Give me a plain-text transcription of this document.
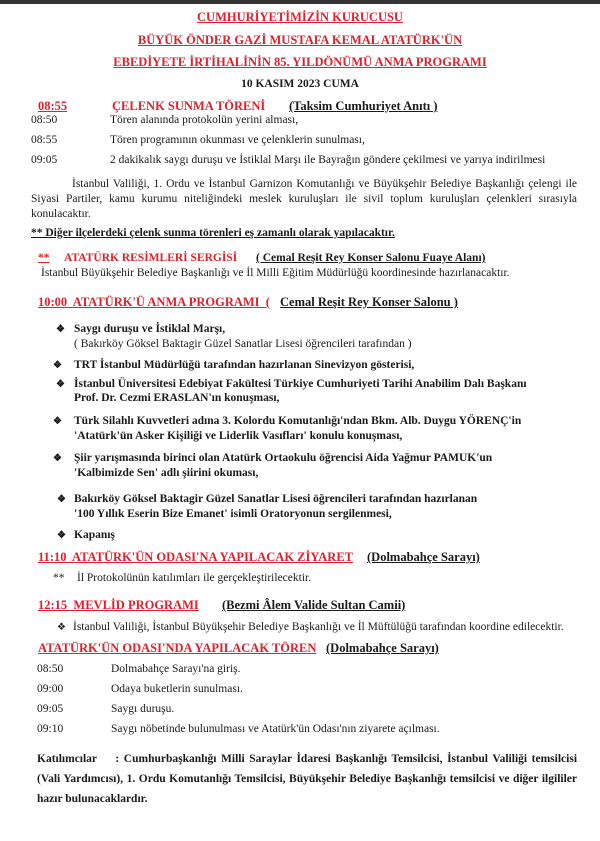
CUMHURİYETİMİZİN KURUCUSU
BÜYÜK ÖNDER GAZİ MUSTAFA KEMAL ATATÜRK'ÜN
EBEDİYETE İRTİHALİNİN 85. YILDÖNÜMÜ ANMA PROGRAMI
10 KASIM 2023 CUMA
08:55	ÇELENK SUNMA TÖRENİ (Taksim Cumhuriyet Anıtı )
08:50	Tören alanında protokolün yerini alması,
08:55	Tören programının okunması ve çelenklerin sunulması,
09:05	2 dakikalık saygı duruşu ve İstiklal Marşı ile Bayrağın göndere çekilmesi ve yarıya indirilmesi
İstanbul Valiliği, 1. Ordu ve İstanbul Garnizon Komutanlığı ve Büyükşehir Belediye Başkanlığı çelengi ile Siyasi Partiler, kamu kurumu niteliğindeki meslek kuruluşları ile sivil toplum kuruluşları çelenkleri sırasıyla konulacaktır.
** Diğer ilçelerdeki çelenk sunma törenleri eş zamanlı olarak yapılacaktır.
** ATATÜRK RESİMLERİ SERGİSİ ( Cemal Reşit Rey Konser Salonu Fuaye Alanı)
İstanbul Büyükşehir Belediye Başkanlığı ve İl Milli Eğitim Müdürlüğü koordinesinde hazırlanacaktır.
10:00 ATATÜRK'Ü ANMA PROGRAMI ( Cemal Reşit Rey Konser Salonu )
❖ Saygı duruşu ve İstiklal Marşı,
( Bakırköy Göksel Baktagir Güzel Sanatlar Lisesi öğrencileri tarafından )
❖ TRT İstanbul Müdürlüğü tarafından hazırlanan Sinevizyon gösterisi,
❖ İstanbul Üniversitesi Edebiyat Fakültesi Türkiye Cumhuriyeti Tarihi Anabilim Dalı Başkanı
Prof. Dr. Cezmi ERASLAN'ın konuşması,
❖ Türk Silahlı Kuvvetleri adına 3. Kolordu Komutanlığı'ndan Bkm. Alb. Duygu YÖRENÇ'in
'Atatürk'ün Asker Kişiliği ve Liderlik Vasıfları' konulu konuşması,
❖ Şiir yarışmasında birinci olan Atatürk Ortaokulu öğrencisi Aida Yağmur PAMUK'un
'Kalbimizde Sen' adlı şiirini okuması,
❖ Bakırköy Göksel Baktagir Güzel Sanatlar Lisesi öğrencileri tarafından hazırlanan
'100 Yıllık Eserin Bize Emanet' isimli Oratoryonun sergilenmesi,
❖ Kapanış
11:10 ATATÜRK'ÜN ODASI'NA YAPILACAK ZİYARET (Dolmabahçe Sarayı)
** İl Protokolünün katılımları ile gerçekleştirilecektir.
12:15 MEVLİD PROGRAMI	(Bezmi Âlem Valide Sultan Camii)
❖ İstanbul Valiliği, İstanbul Büyükşehir Belediye Başkanlığı ve İl Müftülüğü tarafından koordine edilecektir.
ATATÜRK'ÜN ODASI'NDA YAPILACAK TÖREN (Dolmabahçe Sarayı)
08:50	Dolmabahçe Sarayı'na giriş.
09:00	Odaya buketlerin sunulması.
09:05	Saygı duruşu.
09:10	Saygı nöbetinde bulunulması ve Atatürk'ün Odası'nın ziyarete açılması.
Katılımcılar : Cumhurbaşkanlığı Milli Saraylar İdaresi Başkanlığı Temsilcisi, İstanbul Valiliği temsilcisi (Vali Yardımcısı), 1. Ordu Komutanlığı Temsilcisi, Büyükşehir Belediye Başkanlığı temsilcisi ve diğer ilgililer hazır bulunacaklardır.
